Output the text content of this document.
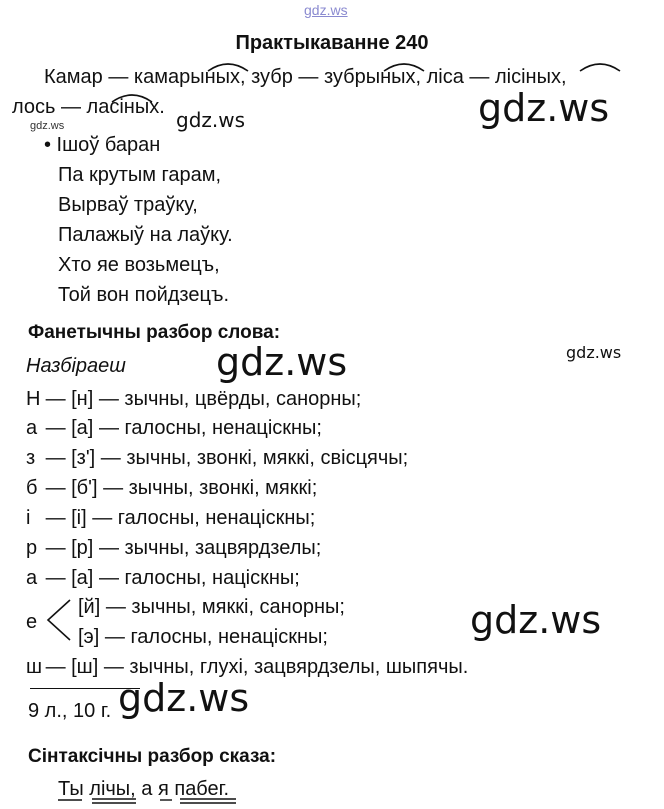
gdz.ws
Практыкаванне 240
Камар — камарыных, зубр — зубрыных, ліса — лісіных,
лось — ласіных.
gdz.ws	gdz.ws	gdz.ws
• Ішоў баран
Па крутым гарам,
Вырваў траўку,
Палажыў на лаўку.
Хто яе возьмецъ,
Той вон пойдзецъ.
Фанетычны разбор слова:
Назбіраеш gdz.ws	gdz.ws
Н — [н] — зычны, цвёрды, санорны;
а — [а] — галосны, ненаціскны;
з — [з'] — зычны, звонкі, мяккі, свісцячы;
б — [б'] — зычны, звонкі, мяккі;
і — [і] — галосны, ненаціскны;
р — [р] — зычны, зацвярдзелы;
а — [а] — галосны, націскны;
е
[й] — зычны, мяккі, санорны;
[э] — галосны, ненаціскны;
ш — [ш] — зычны, глухі, зацвярдзелы, шыпячы.
gdz.ws
9 л., 10 г. gdz.ws
Сінтаксічны разбор сказа:
Ты лічы, а я пабег.
